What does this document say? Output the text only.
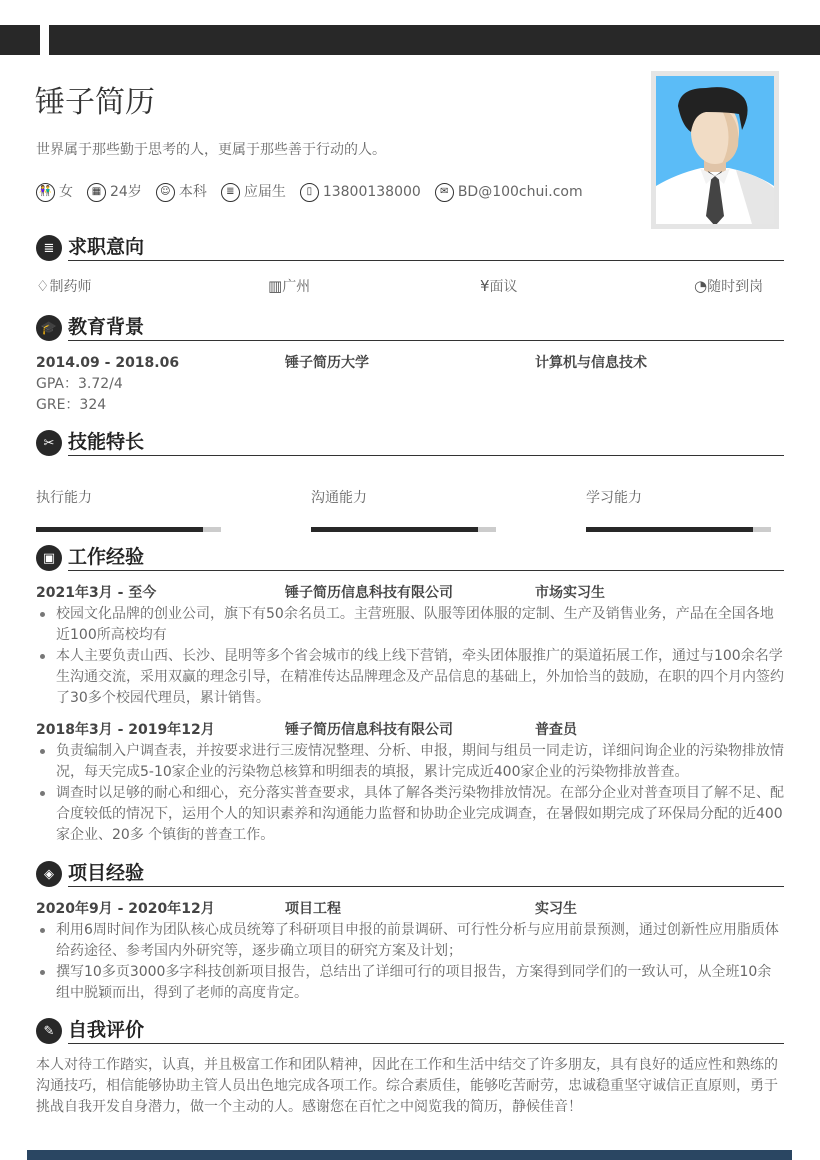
锤子简历
世界属于那些勤于思考的人，更属于那些善于行动的人。
👫 女	▦ 24岁	☺ 本科	≣ 应届生	▯ 13800138000	✉ BD@100chui.com
≣ 求职意向
♢制药师	▥广州	¥面议	◔随时到岗
🎓 教育背景
2014.09 - 2018.06	锤子简历大学	计算机与信息技术
GPA：3.72/4
GRE：324
✂ 技能特长
执行能力	沟通能力	学习能力
▣ 工作经验
2021年3月 - 至今	锤子简历信息科技有限公司	市场实习生
校园文化品牌的创业公司，旗下有50余名员工。主营班服、队服等团体服的定制、生产及销售业务，产品在全国各地近100所高校均有
本人主要负责山西、长沙、昆明等多个省会城市的线上线下营销，牵头团体服推广的渠道拓展工作，通过与100余名学生沟通交流，采用双赢的理念引导，在精准传达品牌理念及产品信息的基础上，外加恰当的鼓励，在职的四个月内签约了30多个校园代理员，累计销售。
2018年3月 - 2019年12月	锤子简历信息科技有限公司	普查员
负责编制入户调查表，并按要求进行三废情况整理、分析、申报，期间与组员一同走访，详细问询企业的污染物排放情况，每天完成5-10家企业的污染物总核算和明细表的填报，累计完成近400家企业的污染物排放普查。
调查时以足够的耐心和细心，充分落实普查要求，具体了解各类污染物排放情况。在部分企业对普查项目了解不足、配合度较低的情况下，运用个人的知识素养和沟通能力监督和协助企业完成调查，在暑假如期完成了环保局分配的近400家企业、20多 个镇街的普查工作。
◈ 项目经验
2020年9月 - 2020年12月	项目工程	实习生
利用6周时间作为团队核心成员统筹了科研项目申报的前景调研、可行性分析与应用前景预测，通过创新性应用脂质体给药途径、参考国内外研究等，逐步确立项目的研究方案及计划；
撰写10多页3000多字科技创新项目报告，总结出了详细可行的项目报告，方案得到同学们的一致认可，从全班10余组中脱颖而出，得到了老师的高度肯定。
✎ 自我评价
本人对待工作踏实，认真，并且极富工作和团队精神，因此在工作和生活中结交了许多朋友，具有良好的适应性和熟练的沟通技巧，相信能够协助主管人员出色地完成各项工作。综合素质佳，能够吃苦耐劳，忠诚稳重坚守诚信正直原则，勇于挑战自我开发自身潜力，做一个主动的人。感谢您在百忙之中阅览我的简历，静候佳音！
